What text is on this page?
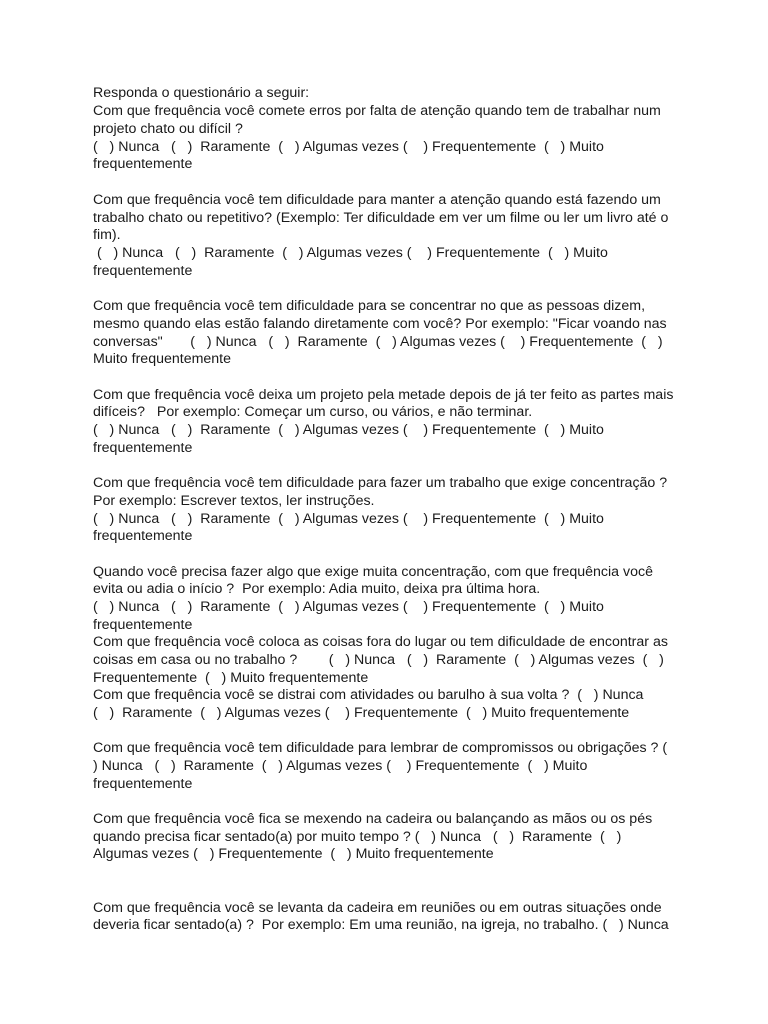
Responda o questionário a seguir:

Com que frequência você comete erros por falta de atenção quando tem de trabalhar num

projeto chato ou difícil ?

(   ) Nunca   (   )  Raramente  (   ) Algumas vezes (    ) Frequentemente  (   ) Muito

frequentemente

Com que frequência você tem dificuldade para manter a atenção quando está fazendo um

trabalho chato ou repetitivo? (Exemplo: Ter dificuldade em ver um filme ou ler um livro até o

fim).

(   ) Nunca   (   )  Raramente  (   ) Algumas vezes (    ) Frequentemente  (   ) Muito

frequentemente

Com que frequência você tem dificuldade para se concentrar no que as pessoas dizem,

mesmo quando elas estão falando diretamente com você? Por exemplo: "Ficar voando nas

conversas"       (   ) Nunca   (   )  Raramente  (   ) Algumas vezes (    ) Frequentemente  (   )

Muito frequentemente

Com que frequência você deixa um projeto pela metade depois de já ter feito as partes mais

difíceis?   Por exemplo: Começar um curso, ou vários, e não terminar.

(   ) Nunca   (   )  Raramente  (   ) Algumas vezes (    ) Frequentemente  (   ) Muito

frequentemente

Com que frequência você tem dificuldade para fazer um trabalho que exige concentração ?

Por exemplo: Escrever textos, ler instruções.

(   ) Nunca   (   )  Raramente  (   ) Algumas vezes (    ) Frequentemente  (   ) Muito

frequentemente

Quando você precisa fazer algo que exige muita concentração, com que frequência você

evita ou adia o início ?  Por exemplo: Adia muito, deixa pra última hora.

(   ) Nunca   (   )  Raramente  (   ) Algumas vezes (    ) Frequentemente  (   ) Muito

frequentemente

Com que frequência você coloca as coisas fora do lugar ou tem dificuldade de encontrar as

coisas em casa ou no trabalho ?        (   ) Nunca   (   )  Raramente  (   ) Algumas vezes  (   )

Frequentemente  (   ) Muito frequentemente

Com que frequência você se distrai com atividades ou barulho à sua volta ?  (   ) Nunca

(   )  Raramente  (   ) Algumas vezes (    ) Frequentemente  (   ) Muito frequentemente

Com que frequência você tem dificuldade para lembrar de compromissos ou obrigações ? (

) Nunca   (   )  Raramente  (   ) Algumas vezes (    ) Frequentemente  (   ) Muito

frequentemente

Com que frequência você fica se mexendo na cadeira ou balançando as mãos ou os pés

quando precisa ficar sentado(a) por muito tempo ? (   ) Nunca   (   )  Raramente  (   )

Algumas vezes (   ) Frequentemente  (   ) Muito frequentemente

Com que frequência você se levanta da cadeira em reuniões ou em outras situações onde

deveria ficar sentado(a) ?  Por exemplo: Em uma reunião, na igreja, no trabalho. (   ) Nunca
